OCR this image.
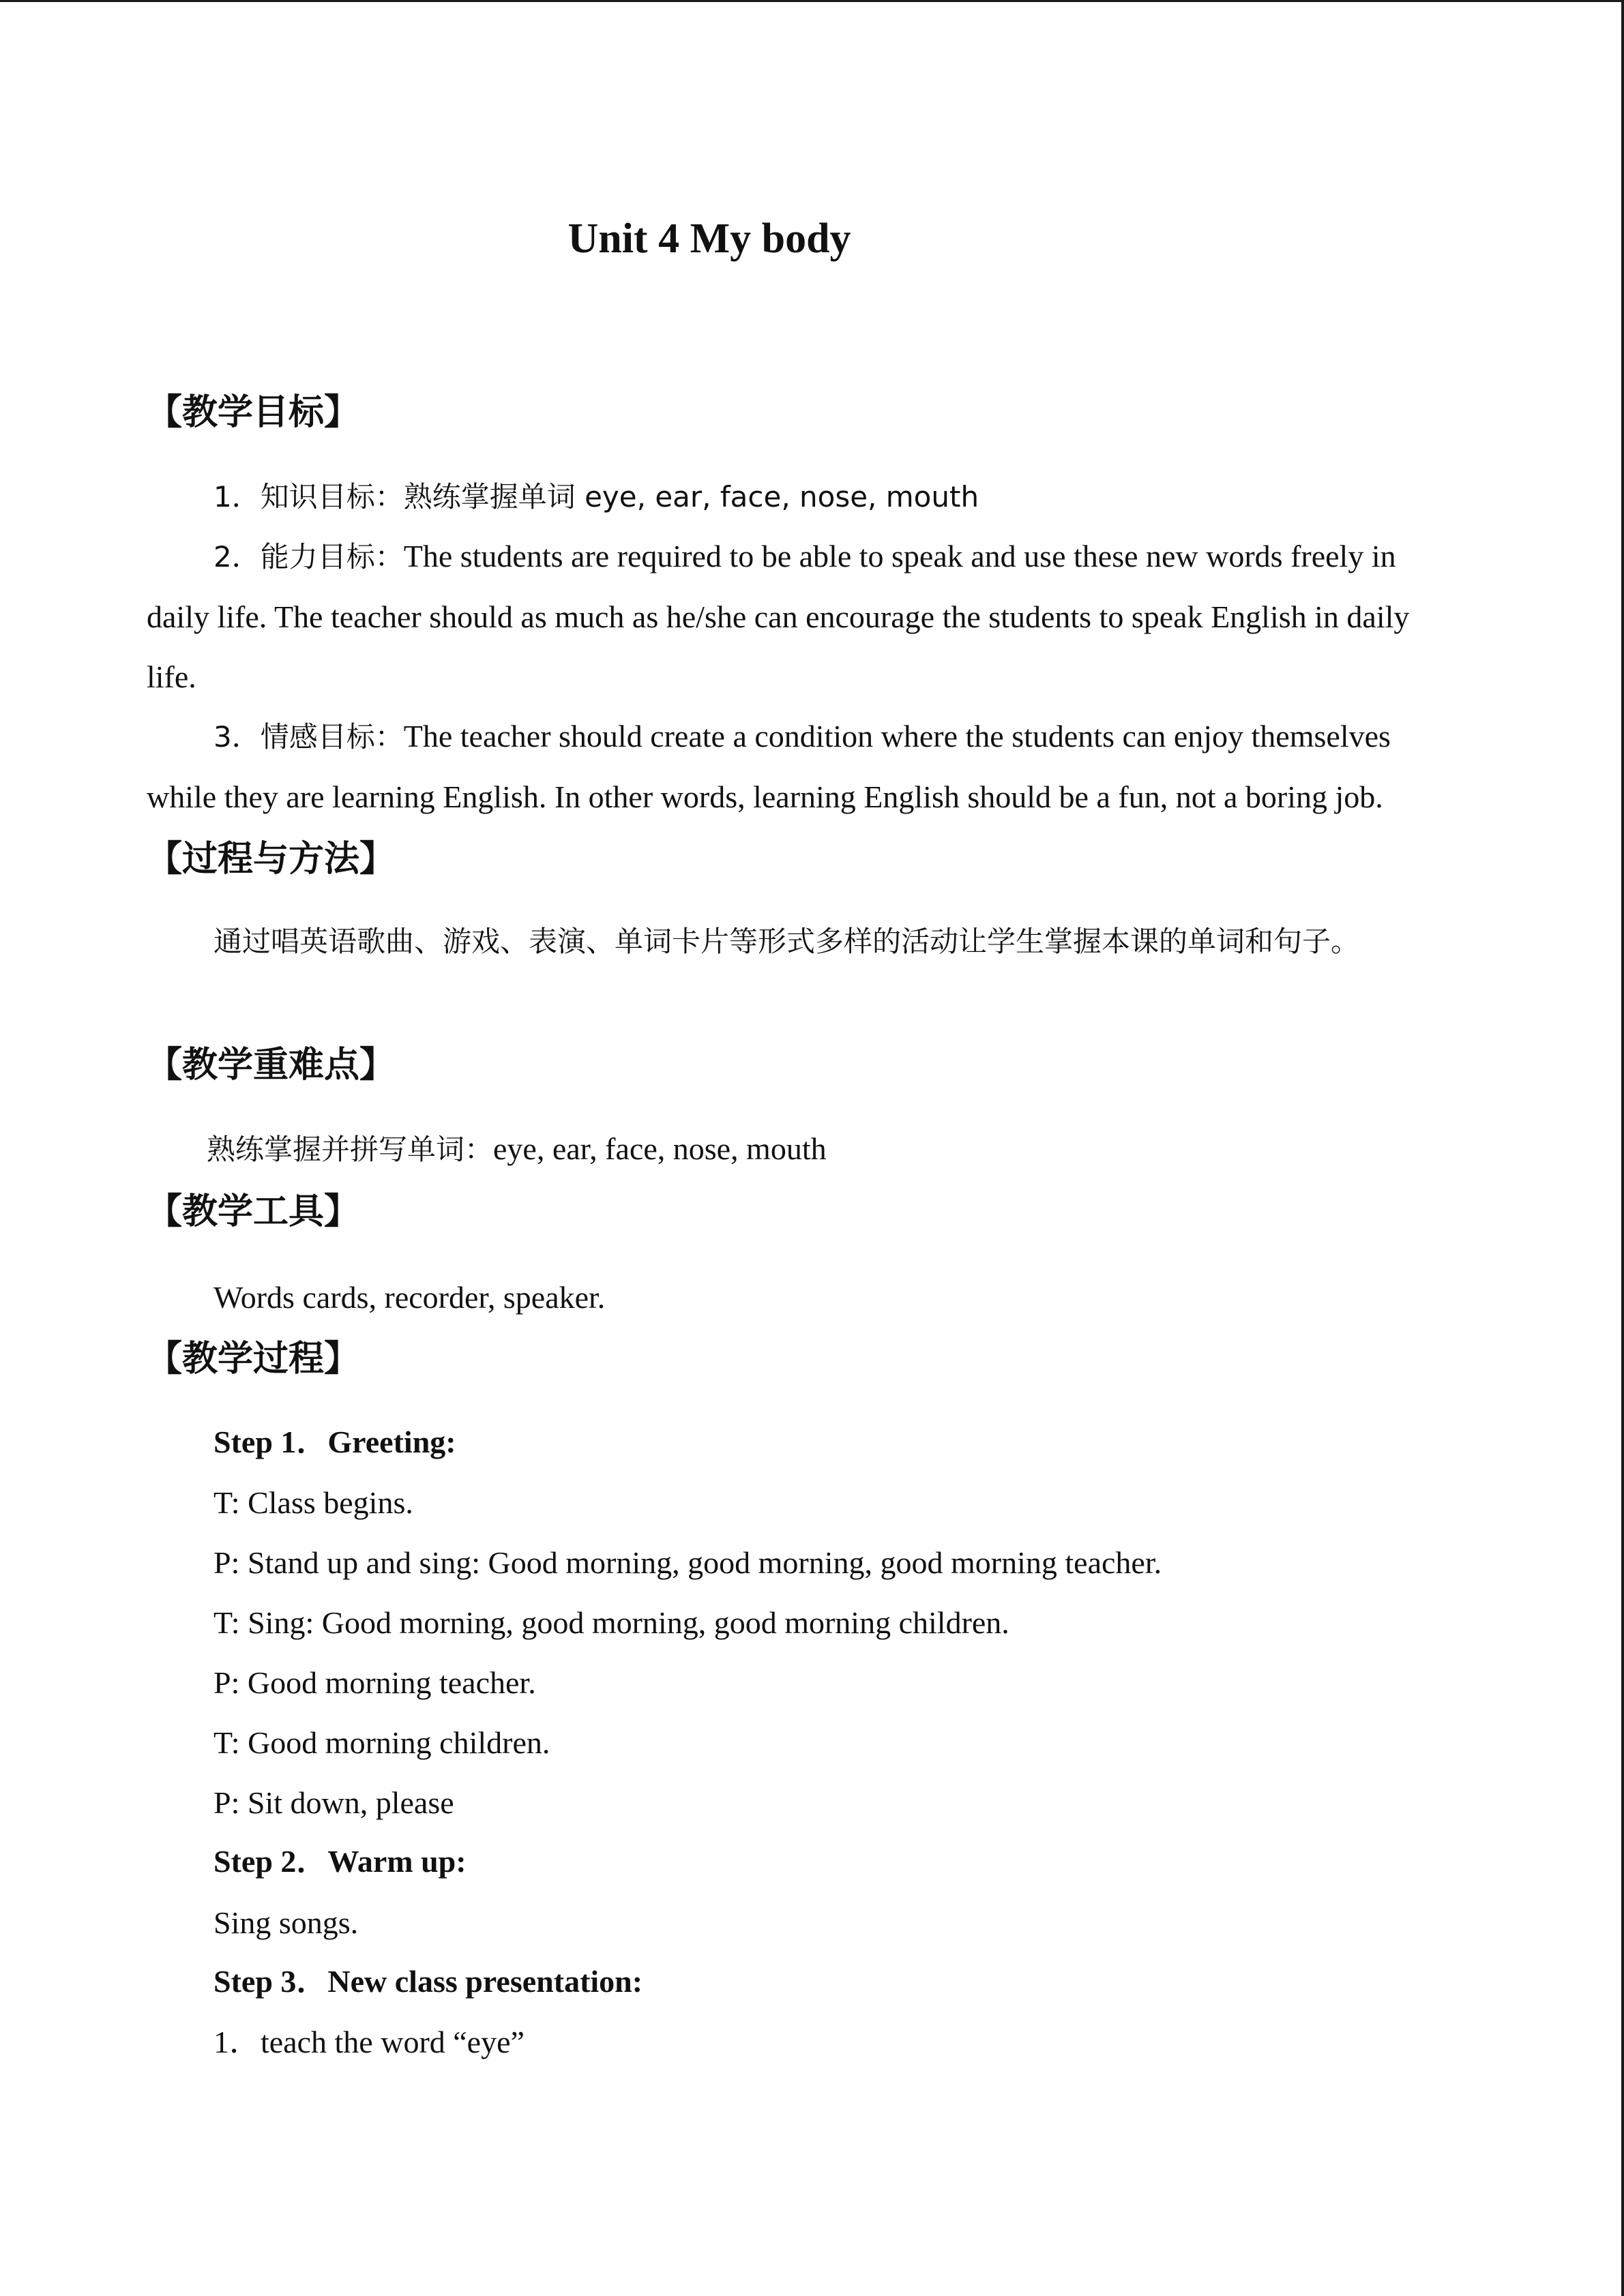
Unit 4 My body
【教学目标】

1．知识目标：熟练掌握单词 eye, ear, face, nose, mouth

2．能力目标：The students are required to be able to speak and use these new words freely in daily life. The teacher should as much as he/she can encourage the students to speak English in daily life.

3．情感目标：The teacher should create a condition where the students can enjoy themselves while they are learning English. In other words, learning English should be a fun, not a boring job.

【过程与方法】

通过唱英语歌曲、游戏、表演、单词卡片等形式多样的活动让学生掌握本课的单词和句子。

【教学重难点】

熟练掌握并拼写单词：eye, ear, face, nose, mouth

【教学工具】

Words cards, recorder, speaker.

【教学过程】

Step 1．Greeting:

T: Class begins.

P: Stand up and sing: Good morning, good morning, good morning teacher.

T: Sing: Good morning, good morning, good morning children.

P: Good morning teacher.

T: Good morning children.

P: Sit down, please

Step 2．Warm up:

Sing songs.

Step 3．New class presentation:

1．teach the word “eye”
